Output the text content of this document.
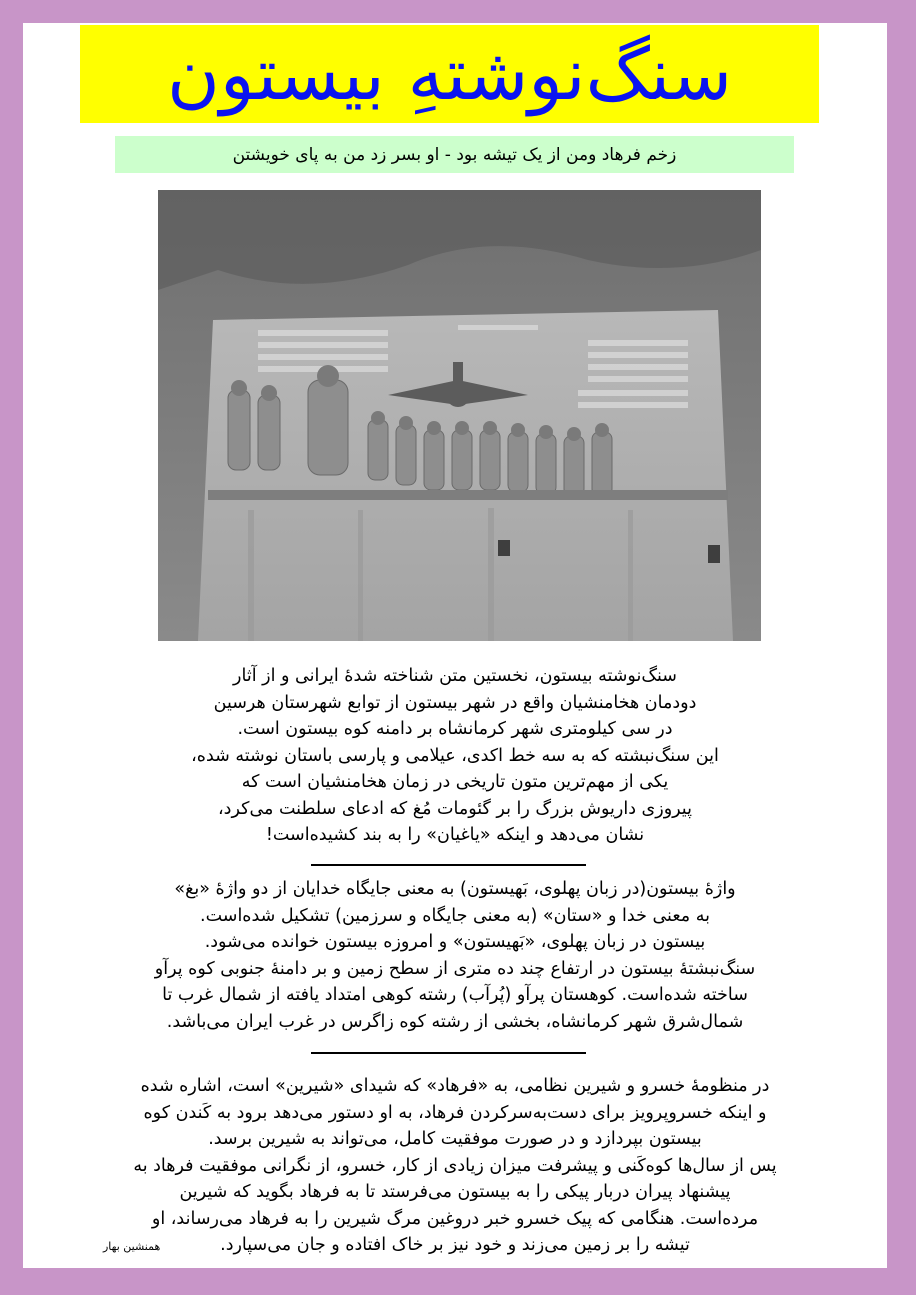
سنگ‌نوشتهِ بیستون
زخم فرهاد ومن از یک تیشه بود - او بسر زد من به پای خویشتن
سنگ‌نوشته بیستون، نخستین متن شناخته شدهٔ ایرانی و از آثار
دودمان هخامنشیان واقع در شهر بیستون از توابع شهرستان هرسین
در سی کیلومتری شهر کرمانشاه بر دامنه کوه بیستون است.
این سنگ‌نبشته که به سه خط اکدی، عیلامی و پارسی باستان نوشته شده،
یکی از مهم‌ترین متون تاریخی در زمان هخامنشیان است که
پیروزی داریوش بزرگ را بر گئومات مُغ که ادعای سلطنت می‌کرد،
نشان می‌دهد و اینکه «یاغیان» را به بند کشیده‌است!
واژهٔ بیستون(در زبان پهلوی، بَهیستون) به معنی جایگاه خدایان از دو واژهٔ «بغ»
به معنی خدا و «ستان» (به معنی جایگاه و سرزمین) تشکیل شده‌است.
بیستون در زبان پهلوی، «بَهیستون» و امروزه بیستون خوانده می‌شود.
سنگ‌نبشتهٔ بیستون در ارتفاع چند ده متری از سطح زمین و بر دامنهٔ جنوبی کوه پرآو
ساخته شده‌است. کوهستان پرآو (پُرآب) رشته کوهی امتداد یافته از شمال غرب تا
شمال‌شرق شهر کرمانشاه، بخشی از رشته کوه زاگرس در غرب ایران می‌باشد.
در منظومهٔ خسرو و شیرین نظامی، به «فرهاد» که شیدای «شیرین» است، اشاره شده
و اینکه خسروپرویز برای دست‌به‌سرکردن فرهاد، به او دستور می‌دهد برود به کَندن کوه
بیستون بپردازد و در صورت موفقیت کامل، می‌تواند به شیرین برسد.
پس از سال‌ها کوه‌کَنی و پیشرفت میزان زیادی از کار، خسرو، از نگرانی موفقیت فرهاد به
پیشنهاد پیران دربار پیکی را به بیستون می‌فرستد تا به فرهاد بگوید که شیرین
مرده‌است. هنگامی که پیک خسرو خبر دروغین مرگ شیرین را به فرهاد می‌رساند، او
تیشه را بر زمین می‌زند و خود نیز بر خاک افتاده و جان می‌سپارد.
همنشین بهار
